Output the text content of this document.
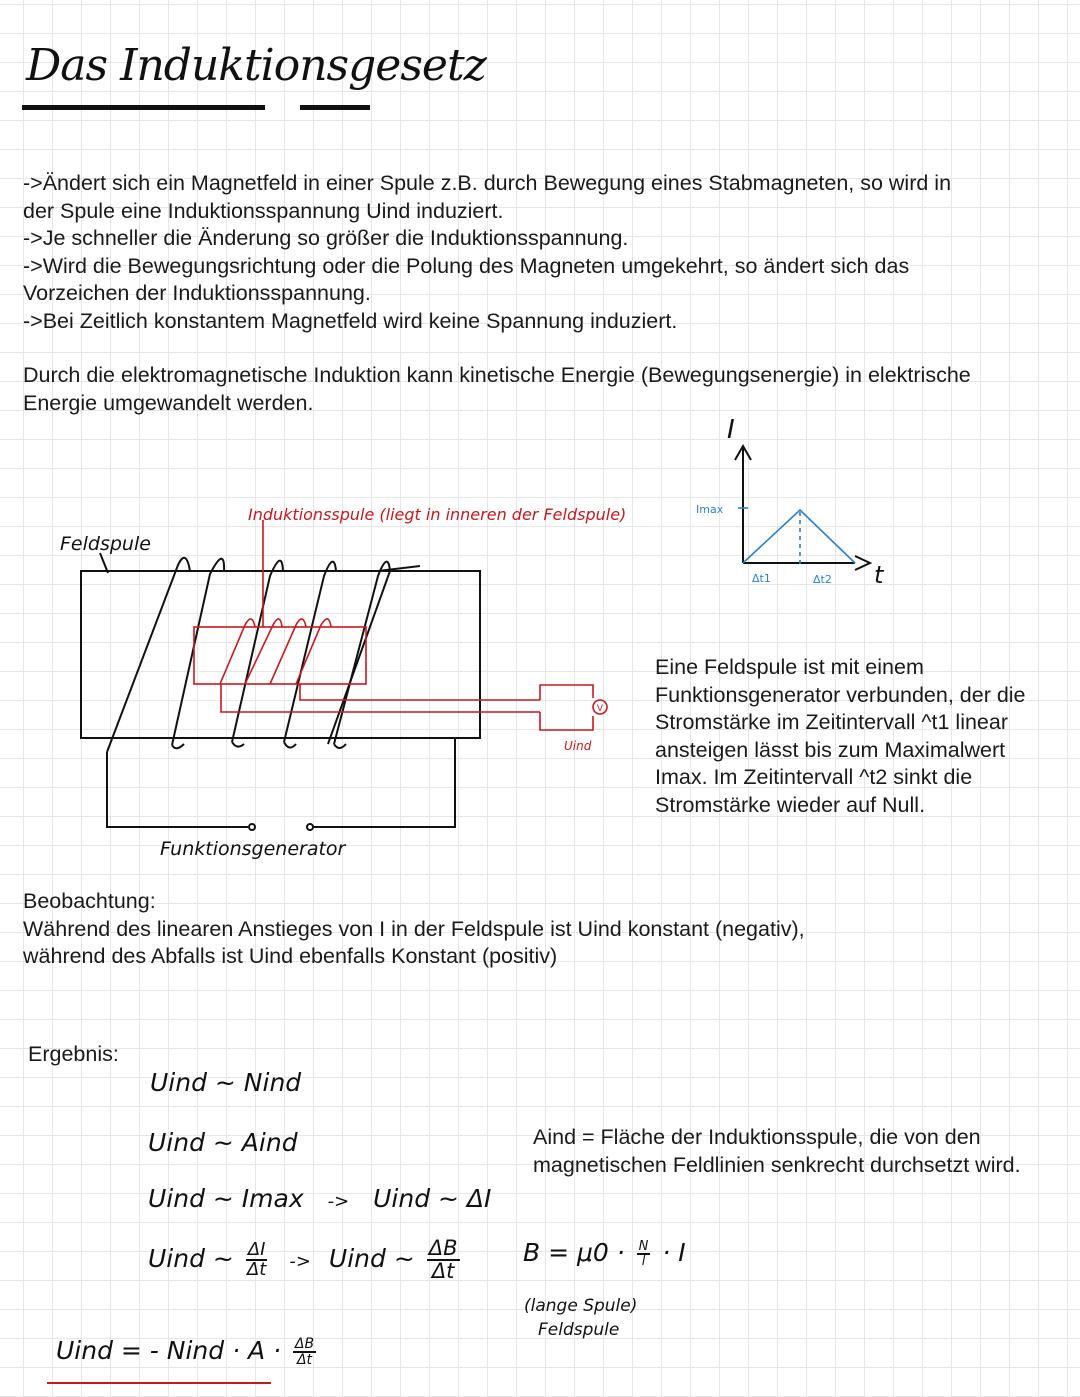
Das Induktionsgesetz
->Ändert sich ein Magnetfeld in einer Spule z.B. durch Bewegung eines Stabmagneten, so wird in
der Spule eine Induktionsspannung Uind induziert.
->Je schneller die Änderung so größer die Induktionsspannung.
->Wird die Bewegungsrichtung oder die Polung des Magneten umgekehrt, so ändert sich das
Vorzeichen der Induktionsspannung.
->Bei Zeitlich konstantem Magnetfeld wird keine Spannung induziert.
Durch die elektromagnetische Induktion kann kinetische Energie (Bewegungsenergie) in elektrische
Energie umgewandelt werden.
I
t
Imax
Δt1	Δt2
V
Feldspule
Induktionsspule (liegt in inneren der Feldspule)
Uind
Funktionsgenerator
Eine Feldspule ist mit einem
Funktionsgenerator verbunden, der die
Stromstärke im Zeitintervall ^t1 linear
ansteigen lässt bis zum Maximalwert
Imax. Im Zeitintervall ^t2 sinkt die
Stromstärke wieder auf Null.
Beobachtung:
Während des linearen Anstieges von I in der Feldspule ist Uind konstant (negativ),
während des Abfalls ist Uind ebenfalls Konstant (positiv)
Ergebnis:
Uind ~ Nind
Uind ~ Aind
Uind ~ Imax -> Uind ~ ΔI
Uind ~ $\frac{\Delta I}{\Delta t}$ -> Uind ~ $\frac{\Delta B}{\Delta t}$
Uind = - Nind · $A \cdot \frac{\Delta B}{\Delta t}$
Aind = Fläche der Induktionsspule, die von den
magnetischen Feldlinien senkrecht durchsetzt wird.
$B = \mu 0 \cdot \frac{N}{l} \cdot I$
(lange Spule)
Feldspule
